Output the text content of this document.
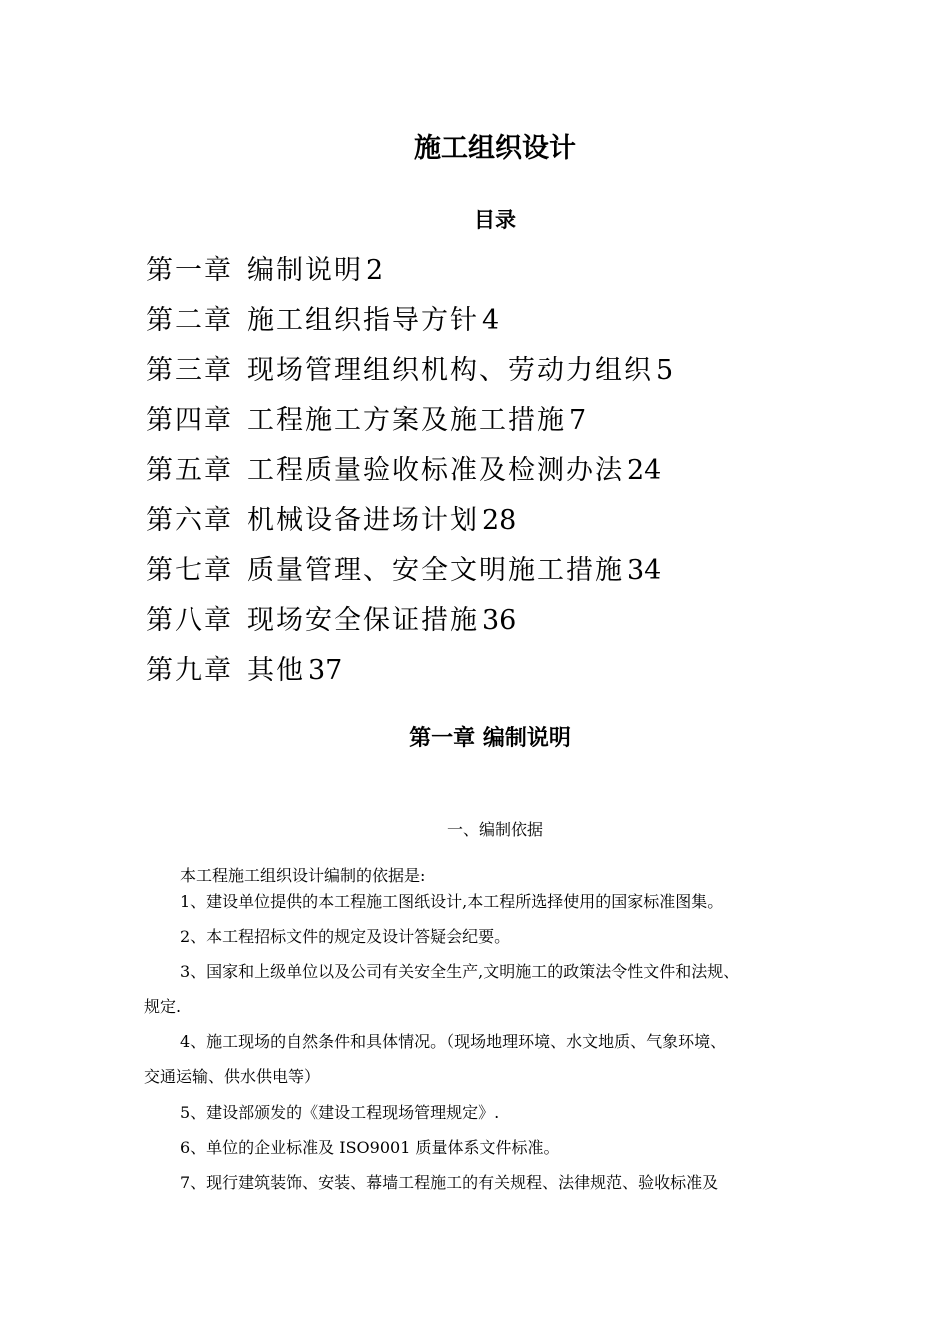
施工组织设计
目录
第一章 编制说明 2
第二章 施工组织指导方针 4
第三章 现场管理组织机构、劳动力组织 5
第四章 工程施工方案及施工措施 7
第五章 工程质量验收标准及检测办法 24
第六章 机械设备进场计划 28
第七章 质量管理、安全文明施工措施 34
第八章 现场安全保证措施 36
第九章 其他 37
第一章 编制说明
一、编制依据

本工程施工组织设计编制的依据是:

1、建设单位提供的本工程施工图纸设计,本工程所选择使用的国家标准图集。

2、本工程招标文件的规定及设计答疑会纪要。

3、国家和上级单位以及公司有关安全生产,文明施工的政策法令性文件和法规、

规定.

4、施工现场的自然条件和具体情况。（现场地理环境、水文地质、气象环境、

交通运输、供水供电等）

5、建设部颁发的《建设工程现场管理规定》.

6、单位的企业标准及 ISO9001 质量体系文件标准。

7、现行建筑装饰、安装、幕墙工程施工的有关规程、法律规范、验收标准及
